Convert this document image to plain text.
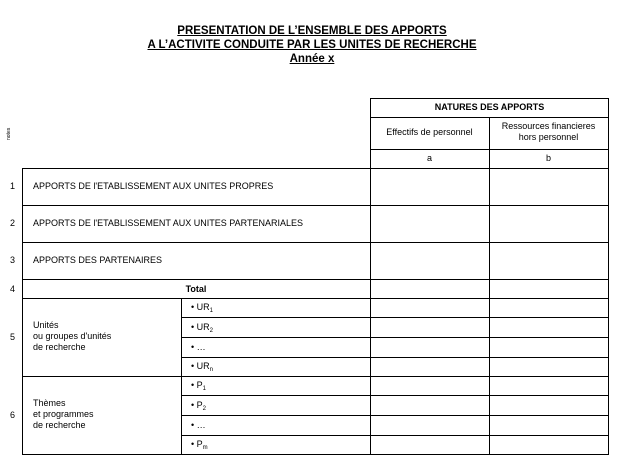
PRESENTATION DE L’ENSEMBLE DES APPORTS
A L’ACTIVITE CONDUITE PAR LES UNITES DE RECHERCHE
Année x
notes
NATURES DES APPORTS
Effectifs de personnel
Ressources financieres
hors personnel
a	b
1 APPORTS DE l'ETABLISSEMENT AUX UNITES PROPRES
2 APPORTS DE l'ETABLISSEMENT AUX UNITES PARTENARIALES
3 APPORTS DES PARTENAIRES
4	Total
5
Unités
ou groupes d'unités
de recherche
• $UR_1$
• $UR_2$
• …
• $UR_n$
6
Thèmes
et programmes
de recherche
• $P_1$
• $P_2$
• …
• $P_m$
